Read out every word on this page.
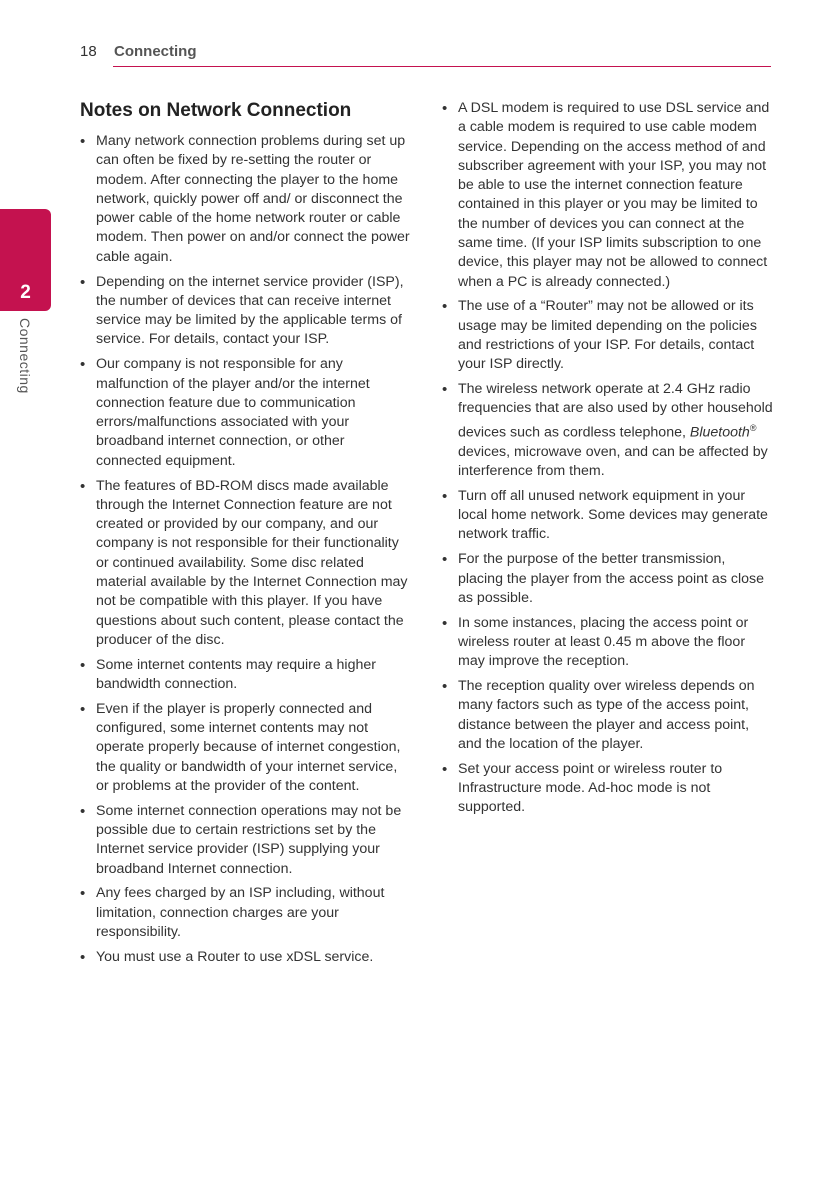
18 Connecting
2
Connecting
Notes on Network Connection
• Many network connection problems during set up can often be fixed by re-setting the router or modem. After connecting the player to the home network, quickly power off and/ or disconnect the power cable of the home network router or cable modem. Then power on and/or connect the power cable again.
• Depending on the internet service provider (ISP), the number of devices that can receive internet service may be limited by the applicable terms of service. For details, contact your ISP.
• Our company is not responsible for any malfunction of the player and/or the internet connection feature due to communication errors/malfunctions associated with your broadband internet connection, or other connected equipment.
• The features of BD-ROM discs made available through the Internet Connection feature are not created or provided by our company, and our company is not responsible for their functionality or continued availability. Some disc related material available by the Internet Connection may not be compatible with this player. If you have questions about such content, please contact the producer of the disc.
• Some internet contents may require a higher bandwidth connection.
• Even if the player is properly connected and configured, some internet contents may not operate properly because of internet congestion, the quality or bandwidth of your internet service, or problems at the provider of the content.
• Some internet connection operations may not be possible due to certain restrictions set by the Internet service provider (ISP) supplying your broadband Internet connection.
• Any fees charged by an ISP including, without limitation, connection charges are your responsibility.
• You must use a Router to use xDSL service.
• A DSL modem is required to use DSL service and a cable modem is required to use cable modem service. Depending on the access method of and subscriber agreement with your ISP, you may not be able to use the internet connection feature contained in this player or you may be limited to the number of devices you can connect at the same time. (If your ISP limits subscription to one device, this player may not be allowed to connect when a PC is already connected.)
• The use of a “Router” may not be allowed or its usage may be limited depending on the policies and restrictions of your ISP. For details, contact your ISP directly.
• The wireless network operate at 2.4 GHz radio frequencies that are also used by other household devices such as cordless telephone, Bluetooth® devices, microwave oven, and can be affected by interference from them.
• Turn off all unused network equipment in your local home network. Some devices may generate network traffic.
• For the purpose of the better transmission, placing the player from the access point as close as possible.
• In some instances, placing the access point or wireless router at least 0.45 m above the floor may improve the reception.
• The reception quality over wireless depends on many factors such as type of the access point, distance between the player and access point, and the location of the player.
• Set your access point or wireless router to Infrastructure mode. Ad-hoc mode is not supported.
